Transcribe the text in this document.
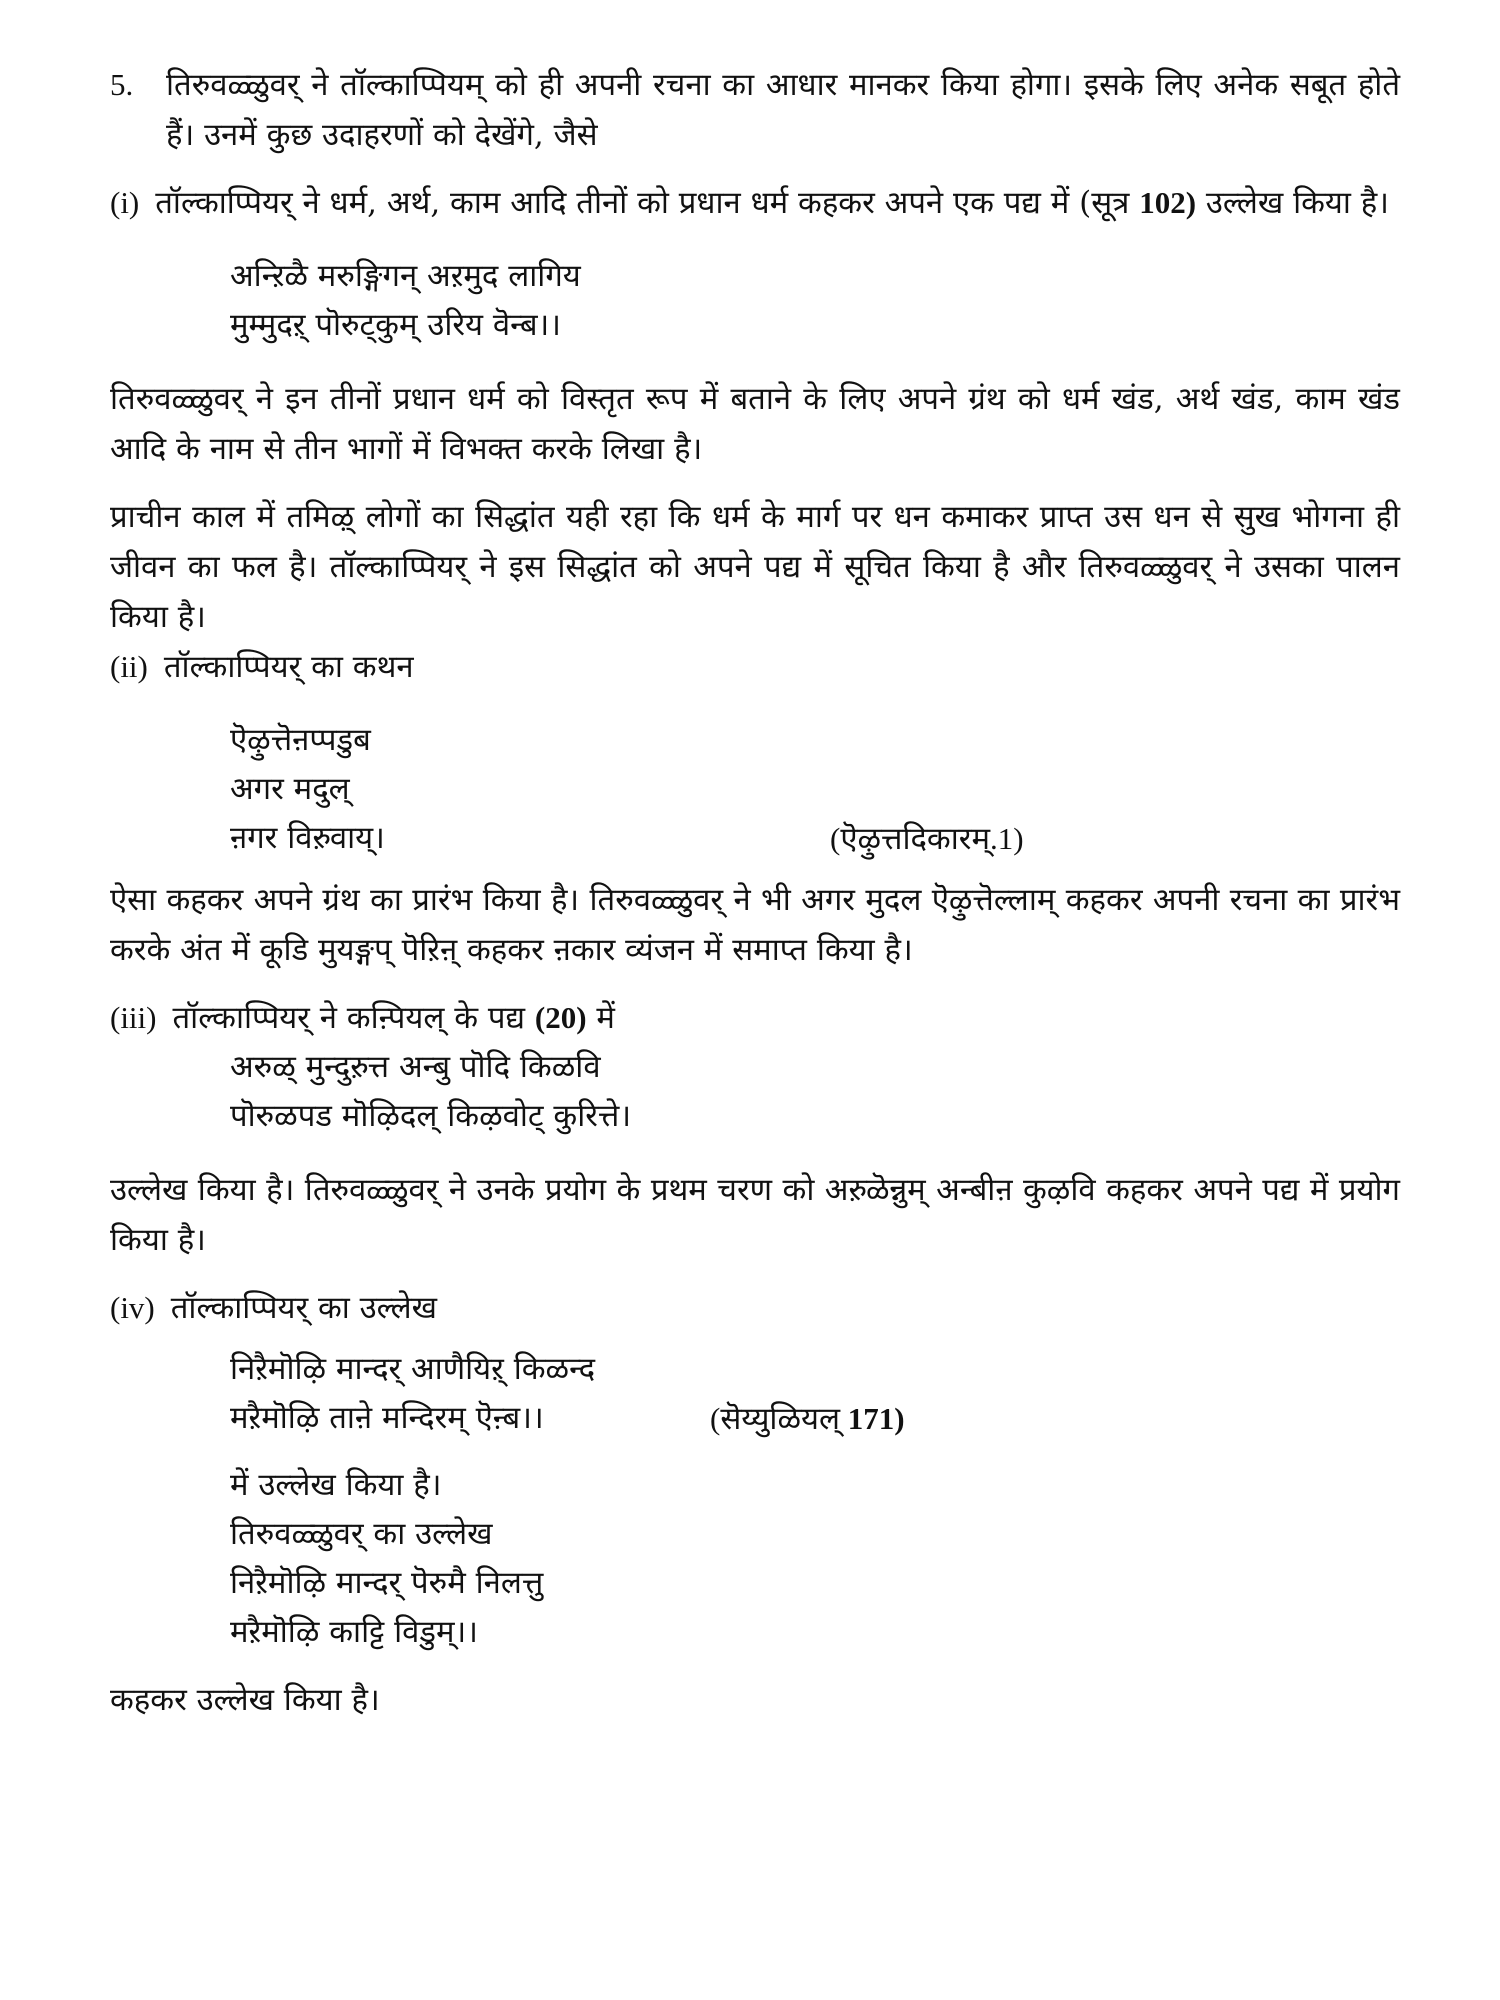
5.	तिरुवळ्ळुवर् ने तॉल्काप्पियम् को ही अपनी रचना का आधार मानकर किया होगा। इसके लिए अनेक सबूत होते हैं। उनमें कुछ उदाहरणों को देखेंगे, जैसे
(i) तॉल्काप्पियर् ने धर्म, अर्थ, काम आदि तीनों को प्रधान धर्म कहकर अपने एक पद्य में (सूत्र 102) उल्लेख किया है।
अन्ऱिळै मरुङ्गिगन् अऱमुद लागिय
मुम्मुदऱ् पॊरुट्कुम् उरिय वॆन्ब।।

तिरुवळ्ळुवर् ने इन तीनों प्रधान धर्म को विस्तृत रूप में बताने के लिए अपने ग्रंथ को धर्म खंड, अर्थ खंड, काम खंड आदि के नाम से तीन भागों में विभक्त करके लिखा है।

प्राचीन काल में तमिऴ् लोगों का सिद्धांत यही रहा कि धर्म के मार्ग पर धन कमाकर प्राप्त उस धन से सुख भोगना ही जीवन का फल है। तॉल्काप्पियर् ने इस सिद्धांत को अपने पद्य में सूचित किया है और तिरुवळ्ळुवर् ने उसका पालन किया है।

(ii) तॉल्काप्पियर् का कथन
ऎऴुत्तॆऩप्पडुब
अगर मदुल्
ऩगर विऱुवाय्।	(ऎऴुत्तदिकारम्.1)

ऐसा कहकर अपने ग्रंथ का प्रारंभ किया है। तिरुवळ्ळुवर् ने भी अगर मुदल ऎऴुत्तॆल्लाम् कहकर अपनी रचना का प्रारंभ करके अंत में कूडि मुयङ्गप् पॆऱिऩ् कहकर ऩकार व्यंजन में समाप्त किया है।

(iii) तॉल्काप्पियर् ने कऩ्पियल् के पद्य (20) में
अरुळ् मुन्दुऱुत्त अन्बु पॊदि किळवि
पॊरुळपड मॊऴिदल् किऴवोट् कुरित्ते।

उल्लेख किया है। तिरुवळ्ळुवर् ने उनके प्रयोग के प्रथम चरण को अऱुळॆन्नुम् अन्बीऩ कुऴवि कहकर अपने पद्य में प्रयोग किया है।

(iv) तॉल्काप्पियर् का उल्लेख
निऱैमॊऴि मान्दर् आणैयिऱ् किळन्द
मऱैमॊऴि ताऩे मन्दिरम् ऎऩ्ब।।	(सॆय्युळियल् 171)
में उल्लेख किया है।
तिरुवळ्ळुवर् का उल्लेख
निऱैमॊऴि मान्दर् पॆरुमै निलत्तु
मऱैमॊऴि काट्टि विडुम्।।

कहकर उल्लेख किया है।
